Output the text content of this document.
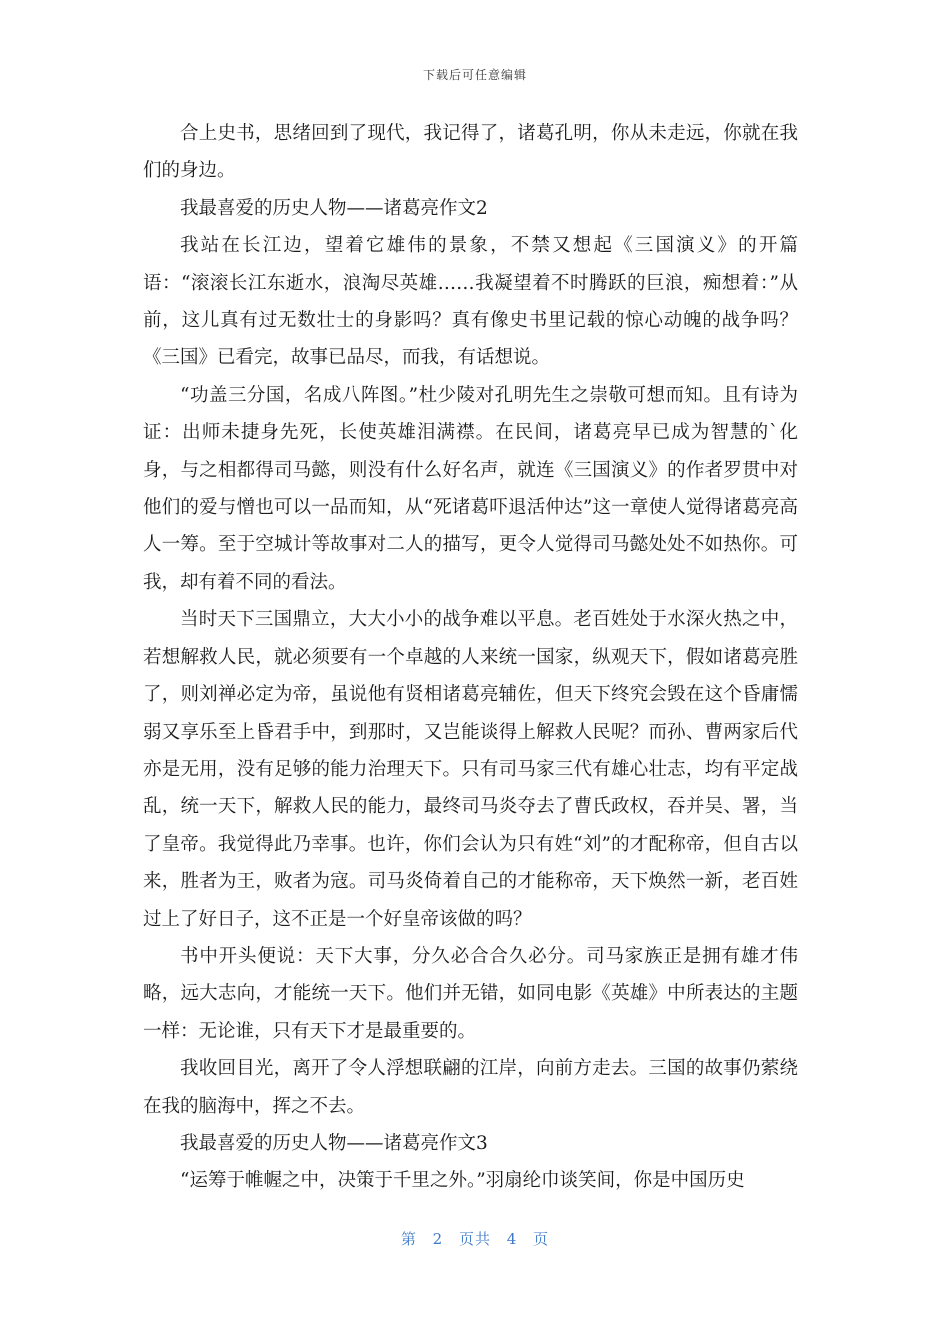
下载后可任意编辑

合上史书，思绪回到了现代，我记得了，诸葛孔明，你从未走远，你就在我们的身边。

我最喜爱的历史人物——诸葛亮作文2

我站在长江边，望着它雄伟的景象，不禁又想起《三国演义》的开篇语：“滚滚长江东逝水，浪淘尽英雄……我凝望着不时腾跃的巨浪，痴想着：”从前，这儿真有过无数壮士的身影吗？真有像史书里记载的惊心动魄的战争吗？《三国》已看完，故事已品尽，而我，有话想说。

“功盖三分国，名成八阵图。”杜少陵对孔明先生之崇敬可想而知。且有诗为证：出师未捷身先死，长使英雄泪满襟。在民间，诸葛亮早已成为智慧的`化身，与之相都得司马懿，则没有什么好名声，就连《三国演义》的作者罗贯中对他们的爱与憎也可以一品而知，从“死诸葛吓退活仲达”这一章使人觉得诸葛亮高人一筹。至于空城计等故事对二人的描写，更令人觉得司马懿处处不如热你。可我，却有着不同的看法。

当时天下三国鼎立，大大小小的战争难以平息。老百姓处于水深火热之中，若想解救人民，就必须要有一个卓越的人来统一国家，纵观天下，假如诸葛亮胜了，则刘禅必定为帝，虽说他有贤相诸葛亮辅佐，但天下终究会毁在这个昏庸懦弱又享乐至上昏君手中，到那时，又岂能谈得上解救人民呢？而孙、曹两家后代亦是无用，没有足够的能力治理天下。只有司马家三代有雄心壮志，均有平定战乱，统一天下，解救人民的能力，最终司马炎夺去了曹氏政权，吞并吴、署，当了皇帝。我觉得此乃幸事。也许，你们会认为只有姓“刘”的才配称帝，但自古以来，胜者为王，败者为寇。司马炎倚着自己的才能称帝，天下焕然一新，老百姓过上了好日子，这不正是一个好皇帝该做的吗？

书中开头便说：天下大事，分久必合合久必分。司马家族正是拥有雄才伟略，远大志向，才能统一天下。他们并无错，如同电影《英雄》中所表达的主题一样：无论谁，只有天下才是最重要的。

我收回目光，离开了令人浮想联翩的江岸，向前方走去。三国的故事仍萦绕在我的脑海中，挥之不去。

我最喜爱的历史人物——诸葛亮作文3

“运筹于帷幄之中，决策于千里之外。”羽扇纶巾谈笑间，你是中国历史

第 2 页共 4 页
